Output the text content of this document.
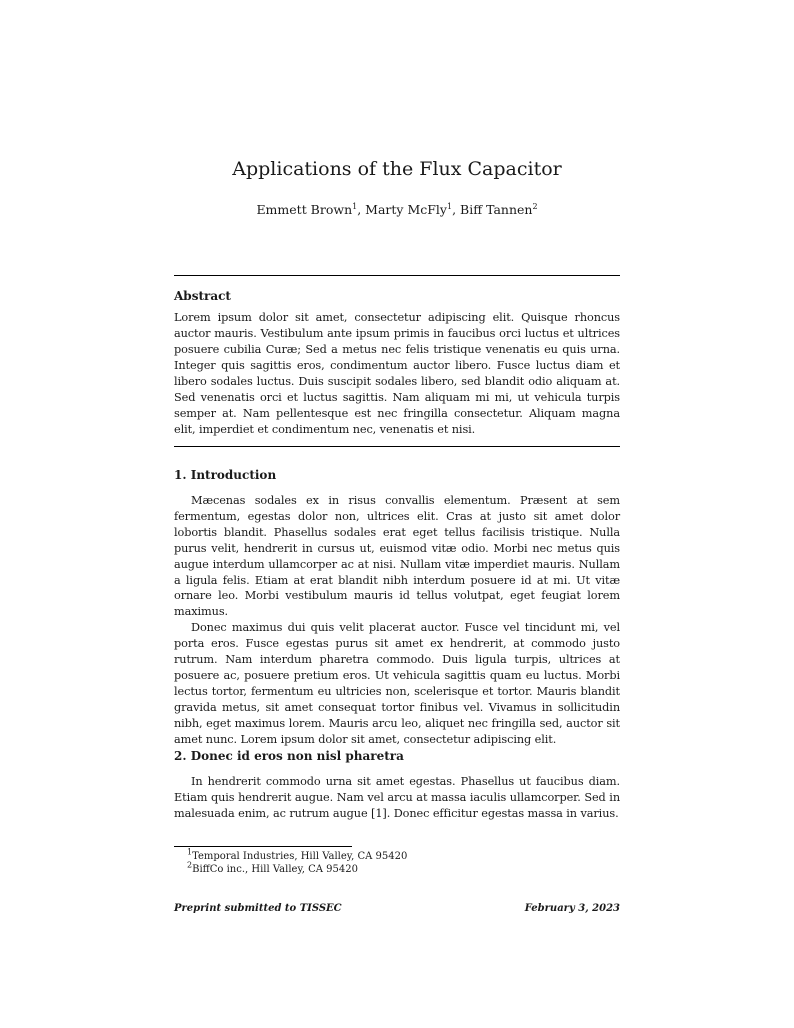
Applications of the Flux Capacitor
Emmett Brown$^1$, Marty McFly$^1$, Biff Tannen$^2$
Abstract
Lorem ipsum dolor sit amet, consectetur adipiscing elit. Quisque rhoncus auctor mauris. Vestibulum ante ipsum primis in faucibus orci luctus et ultrices posuere cubilia Curæ; Sed a metus nec felis tristique venenatis eu quis urna. Integer quis sagittis eros, condimentum auctor libero. Fusce luctus diam et libero sodales luctus. Duis suscipit sodales libero, sed blandit odio aliquam at. Sed venenatis orci et luctus sagittis. Nam aliquam mi mi, ut vehicula turpis semper at. Nam pellentesque est nec fringilla consectetur. Aliquam magna elit, imperdiet et condimentum nec, venenatis et nisi.
1. Introduction

Mæcenas sodales ex in risus convallis elementum. Præsent at sem fermentum, egestas dolor non, ultrices elit. Cras at justo sit amet dolor lobortis blandit. Phasellus sodales erat eget tellus facilisis tristique. Nulla purus velit, hendrerit in cursus ut, euismod vitæ odio. Morbi nec metus quis augue interdum ullamcorper ac at nisi. Nullam vitæ imperdiet mauris. Nullam a ligula felis. Etiam at erat blandit nibh interdum posuere id at mi. Ut vitæ ornare leo. Morbi vestibulum mauris id tellus volutpat, eget feugiat lorem maximus.

Donec maximus dui quis velit placerat auctor. Fusce vel tincidunt mi, vel porta eros. Fusce egestas purus sit amet ex hendrerit, at commodo justo rutrum. Nam interdum pharetra commodo. Duis ligula turpis, ultrices at posuere ac, posuere pretium eros. Ut vehicula sagittis quam eu luctus. Morbi lectus tortor, fermentum eu ultricies non, scelerisque et tortor. Mauris blandit gravida metus, sit amet consequat tortor finibus vel. Vivamus in sollicitudin nibh, eget maximus lorem. Mauris arcu leo, aliquet nec fringilla sed, auctor sit amet nunc. Lorem ipsum dolor sit amet, consectetur adipiscing elit.

2. Donec id eros non nisl pharetra

In hendrerit commodo urna sit amet egestas. Phasellus ut faucibus diam. Etiam quis hendrerit augue. Nam vel arcu at massa iaculis ullamcorper. Sed in malesuada enim, ac rutrum augue [1]. Donec efficitur egestas massa in varius.

$^1$Temporal Industries, Hill Valley, CA 95420
$^2$BiffCo inc., Hill Valley, CA 95420
Preprint submitted to TISSEC	February 3, 2023
